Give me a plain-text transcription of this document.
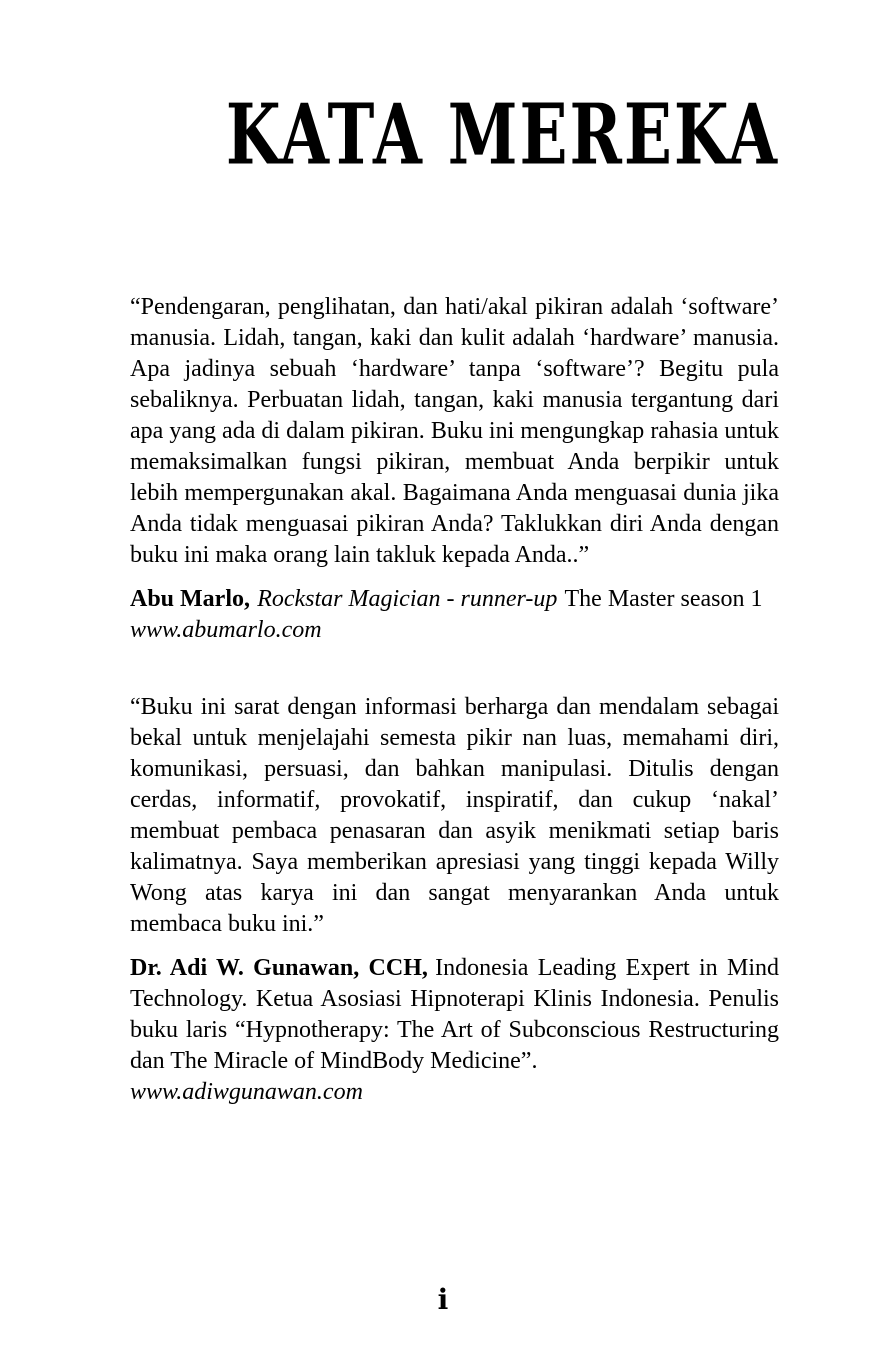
KATA MEREKA

“Pendengaran, penglihatan, dan hati/akal pikiran adalah ‘software’ manusia. Lidah, tangan, kaki dan kulit adalah ‘hardware’ manusia. Apa jadinya sebuah ‘hardware’ tanpa ‘software’? Begitu pula sebaliknya. Perbuatan lidah, tangan, kaki manusia tergantung dari apa yang ada di dalam pikiran. Buku ini mengungkap rahasia untuk memaksimalkan fungsi pikiran, membuat Anda berpikir untuk lebih mempergunakan akal. Bagaimana Anda menguasai dunia jika Anda tidak menguasai pikiran Anda? Taklukkan diri Anda dengan buku ini maka orang lain takluk kepada Anda..”

Abu Marlo, Rockstar Magician - runner-up The Master season 1

www.abumarlo.com

“Buku ini sarat dengan informasi berharga dan mendalam sebagai bekal untuk menjelajahi semesta pikir nan luas, memahami diri, komunikasi, persuasi, dan bahkan manipulasi. Ditulis dengan cerdas, informatif, provokatif, inspiratif, dan cukup ‘nakal’ membuat pembaca penasaran dan asyik menikmati setiap baris kalimatnya. Saya memberikan apresiasi yang tinggi kepada Willy Wong atas karya ini dan sangat menyarankan Anda untuk membaca buku ini.”

Dr. Adi W. Gunawan, CCH, Indonesia Leading Expert in Mind Technology. Ketua Asosiasi Hipnoterapi Klinis Indonesia. Penulis buku laris “Hypnotherapy: The Art of Subconscious Restructuring dan The Miracle of MindBody Medicine”.

www.adiwgunawan.com

i
